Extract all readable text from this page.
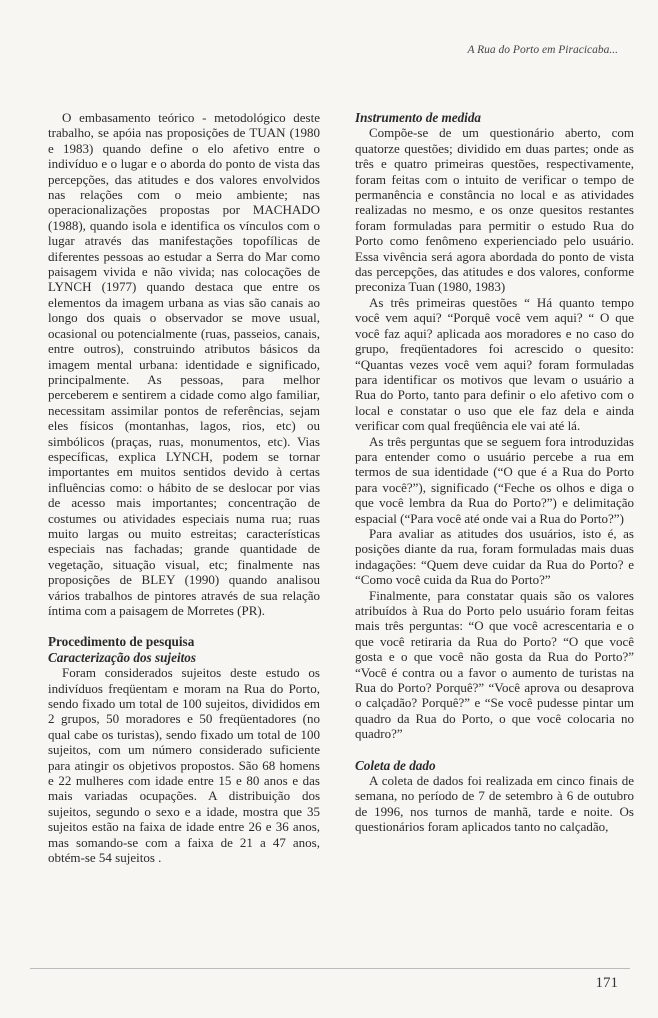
A Rua do Porto em Piracicaba...

O embasamento teórico - metodológico deste trabalho, se apóia nas proposições de TUAN (1980 e 1983) quando define o elo afetivo entre o indivíduo e o lugar e o aborda do ponto de vista das percepções, das atitudes e dos valores envolvidos nas relações com o meio ambiente; nas operacionalizações propostas por MACHADO (1988), quando isola e identifica os vínculos com o lugar através das manifestações topofílicas de diferentes pessoas ao estudar a Serra do Mar como paisagem vivida e não vivida; nas colocações de LYNCH (1977) quando destaca que entre os elementos da imagem urbana as vias são canais ao longo dos quais o observador se move usual, ocasional ou potencialmente (ruas, passeios, canais, entre outros), construindo atributos básicos da imagem mental urbana: identidade e significado, principalmente. As pessoas, para melhor perceberem e sentirem a cidade como algo familiar, necessitam assimilar pontos de referências, sejam eles físicos (montanhas, lagos, rios, etc) ou simbólicos (praças, ruas, monumentos, etc). Vias específicas, explica LYNCH, podem se tornar importantes em muitos sentidos devido à certas influências como: o hábito de se deslocar por vias de acesso mais importantes; concentração de costumes ou atividades especiais numa rua; ruas muito largas ou muito estreitas; características especiais nas fachadas; grande quantidade de vegetação, situação visual, etc; finalmente nas proposições de BLEY (1990) quando analisou vários trabalhos de pintores através de sua relação íntima com a paisagem de Morretes (PR).

Procedimento de pesquisa

Caracterização dos sujeitos

Foram considerados sujeitos deste estudo os indivíduos freqüentam e moram na Rua do Porto, sendo fixado um total de 100 sujeitos, divididos em 2 grupos, 50 moradores e 50 freqüentadores (no qual cabe os turistas), sendo fixado um total de 100 sujeitos, com um número considerado suficiente para atingir os objetivos propostos. São 68 homens e 22 mulheres com idade entre 15 e 80 anos e das mais variadas ocupações. A distribuição dos sujeitos, segundo o sexo e a idade, mostra que 35 sujeitos estão na faixa de idade entre 26 e 36 anos, mas somando-se com a faixa de 21 a 47 anos, obtém-se 54 sujeitos .

Instrumento de medida

Compõe-se de um questionário aberto, com quatorze questões; dividido em duas partes; onde as três e quatro primeiras questões, respectivamente, foram feitas com o intuito de verificar o tempo de permanência e constância no local e as atividades realizadas no mesmo, e os onze quesitos restantes foram formuladas para permitir o estudo Rua do Porto como fenômeno experienciado pelo usuário. Essa vivência será agora abordada do ponto de vista das percepções, das atitudes e dos valores, conforme preconiza Tuan (1980, 1983)

As três primeiras questões “ Há quanto tempo você vem aqui? “Porquê você vem aqui? “ O que você faz aqui? aplicada aos moradores e no caso do grupo, freqüentadores foi acrescido o quesito: “Quantas vezes você vem aqui? foram formuladas para identificar os motivos que levam o usuário a Rua do Porto, tanto para definir o elo afetivo com o local e constatar o uso que ele faz dela e ainda verificar com qual freqüência ele vai até lá.

As três perguntas que se seguem fora introduzidas para entender como o usuário percebe a rua em termos de sua identidade (“O que é a Rua do Porto para você?”), significado (“Feche os olhos e diga o que você lembra da Rua do Porto?”) e delimitação espacial (“Para você até onde vai a Rua do Porto?”)

Para avaliar as atitudes dos usuários, isto é, as posições diante da rua, foram formuladas mais duas indagações: “Quem deve cuidar da Rua do Porto? e “Como você cuida da Rua do Porto?”

Finalmente, para constatar quais são os valores atribuídos à Rua do Porto pelo usuário foram feitas mais três perguntas: “O que você acrescentaria e o que você retiraria da Rua do Porto? “O que você gosta e o que você não gosta da Rua do Porto?” “Você é contra ou a favor o aumento de turistas na Rua do Porto? Porquê?” “Você aprova ou desaprova o calçadão? Porquê?” e “Se você pudesse pintar um quadro da Rua do Porto, o que você colocaria no quadro?”

Coleta de dado

A coleta de dados foi realizada em cinco finais de semana, no período de 7 de setembro à 6 de outubro de 1996, nos turnos de manhã, tarde e noite. Os questionários foram aplicados tanto no calçadão,

171
